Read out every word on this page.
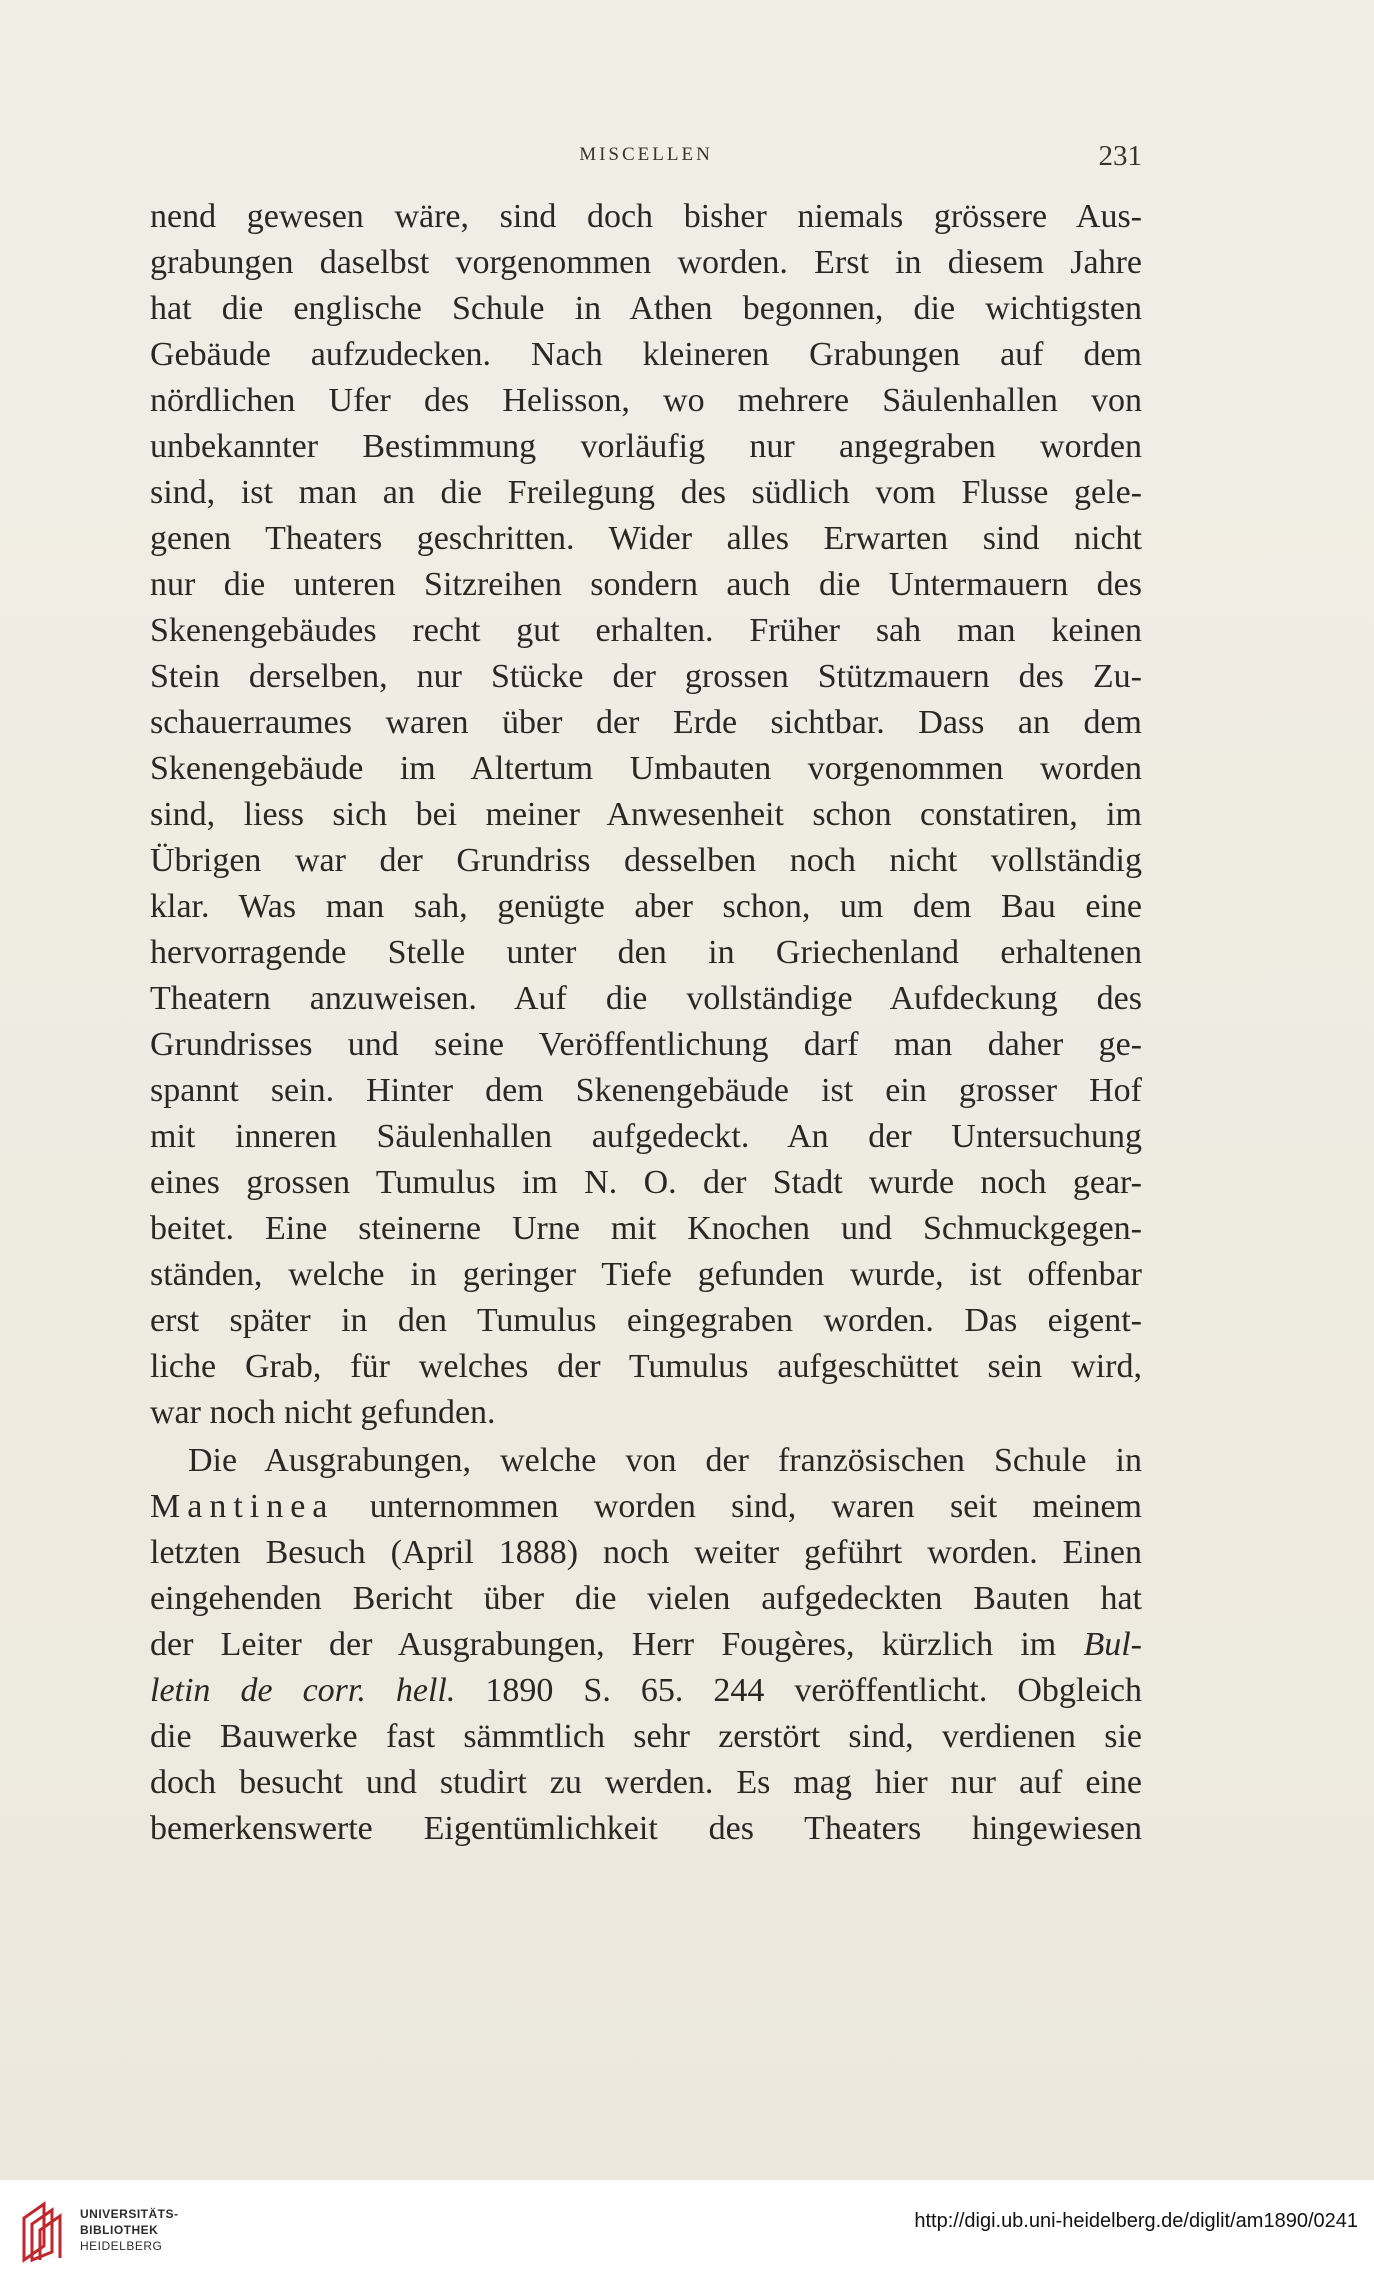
MISCELLEN	231
nend gewesen wäre, sind doch bisher niemals grössere Aus-
grabungen daselbst vorgenommen worden. Erst in diesem Jahre
hat die englische Schule in Athen begonnen, die wichtigsten
Gebäude aufzudecken. Nach kleineren Grabungen auf dem
nördlichen Ufer des Helisson, wo mehrere Säulenhallen von
unbekannter Bestimmung vorläufig nur angegraben worden
sind, ist man an die Freilegung des südlich vom Flusse gele-
genen Theaters geschritten. Wider alles Erwarten sind nicht
nur die unteren Sitzreihen sondern auch die Untermauern des
Skenengebäudes recht gut erhalten. Früher sah man keinen
Stein derselben, nur Stücke der grossen Stützmauern des Zu-
schauerraumes waren über der Erde sichtbar. Dass an dem
Skenengebäude im Altertum Umbauten vorgenommen worden
sind, liess sich bei meiner Anwesenheit schon constatiren, im
Übrigen war der Grundriss desselben noch nicht vollständig
klar. Was man sah, genügte aber schon, um dem Bau eine
hervorragende Stelle unter den in Griechenland erhaltenen
Theatern anzuweisen. Auf die vollständige Aufdeckung des
Grundrisses und seine Veröffentlichung darf man daher ge-
spannt sein. Hinter dem Skenengebäude ist ein grosser Hof
mit inneren Säulenhallen aufgedeckt. An der Untersuchung
eines grossen Tumulus im N. O. der Stadt wurde noch gear-
beitet. Eine steinerne Urne mit Knochen und Schmuckgegen-
ständen, welche in geringer Tiefe gefunden wurde, ist offenbar
erst später in den Tumulus eingegraben worden. Das eigent-
liche Grab, für welches der Tumulus aufgeschüttet sein wird,
war noch nicht gefunden.
Die Ausgrabungen, welche von der französischen Schule in
Mantinea unternommen worden sind, waren seit meinem
letzten Besuch (April 1888) noch weiter geführt worden. Einen
eingehenden Bericht über die vielen aufgedeckten Bauten hat
der Leiter der Ausgrabungen, Herr Fougères, kürzlich im Bul-
letin de corr. hell. 1890 S. 65. 244 veröffentlicht. Obgleich
die Bauwerke fast sämmtlich sehr zerstört sind, verdienen sie
doch besucht und studirt zu werden. Es mag hier nur auf eine
bemerkenswerte Eigentümlichkeit des Theaters hingewiesen
UNIVERSITÄTS-
BIBLIOTHEK
HEIDELBERG
http://digi.ub.uni-heidelberg.de/diglit/am1890/0241
